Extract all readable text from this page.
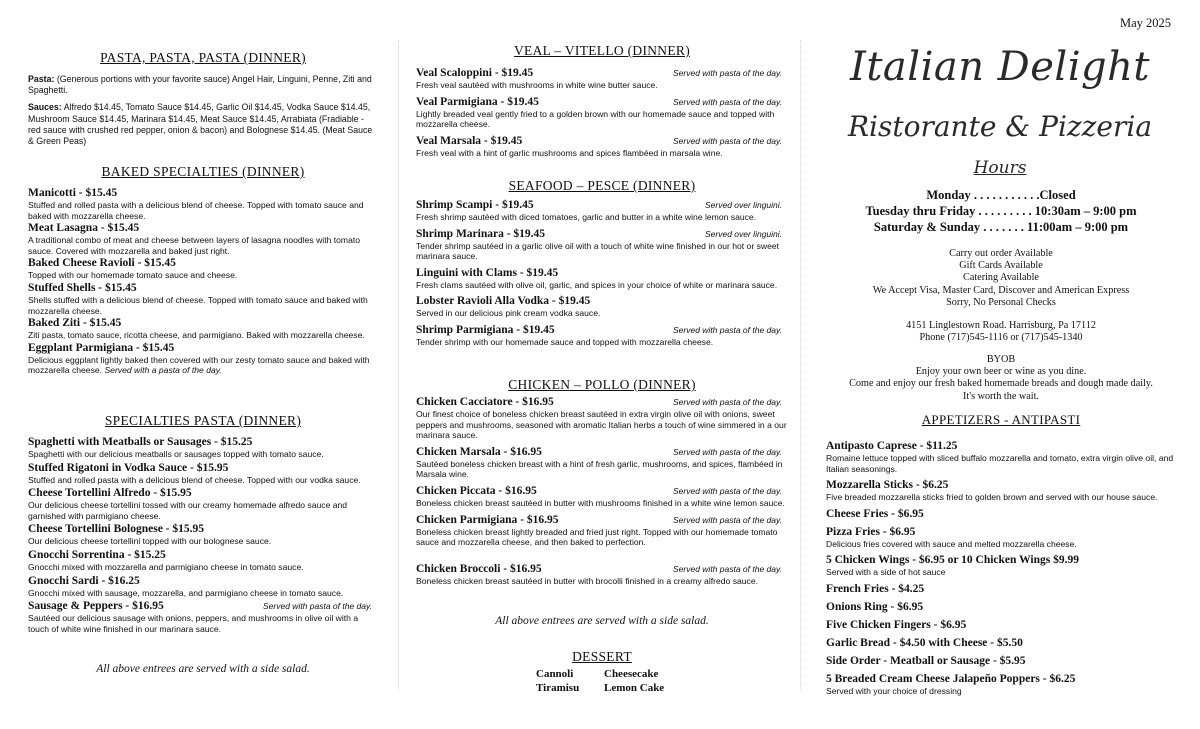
May 2025
PASTA, PASTA, PASTA (DINNER)
Pasta: (Generous portions with your favorite sauce) Angel Hair, Linguini, Penne, Ziti and Spaghetti.
Sauces: Alfredo $14.45, Tomato Sauce $14.45, Garlic Oil $14.45, Vodka Sauce $14.45, Mushroom Sauce $14.45, Marinara $14.45, Meat Sauce $14.45, Arrabiata (Fradiable - red sauce with crushed red pepper, onion & bacon) and Bolognese $14.45. (Meat Sauce & Green Peas)
BAKED SPECIALTIES (DINNER)
Manicotti - $15.45
Stuffed and rolled pasta with a delicious blend of cheese. Topped with tomato sauce and baked with mozzarella cheese.
Meat Lasagna - $15.45
A traditional combo of meat and cheese between layers of lasagna noodles with tomato sauce. Covered with mozzarella and baked just right.
Baked Cheese Ravioli - $15.45
Topped with our homemade tomato sauce and cheese.
Stuffed Shells - $15.45
Shells stuffed with a delicious blend of cheese. Topped with tomato sauce and baked with mozzarella cheese.
Baked Ziti - $15.45
Ziti pasta, tomato sauce, ricotta cheese, and parmigiano. Baked with mozzarella cheese.
Eggplant Parmigiana - $15.45
Delicious eggplant lightly baked then covered with our zesty tomato sauce and baked with mozzarella cheese. Served with a pasta of the day.
SPECIALTIES PASTA (DINNER)
Spaghetti with Meatballs or Sausages - $15.25
Spaghetti with our delicious meatballs or sausages topped with tomato sauce.
Stuffed Rigatoni in Vodka Sauce - $15.95
Stuffed and rolled pasta with a delicious blend of cheese. Topped with our vodka sauce.
Cheese Tortellini Alfredo - $15.95
Our delicious cheese tortellini tossed with our creamy homemade alfredo sauce and garnished with parmigiano cheese.
Cheese Tortellini Bolognese - $15.95
Our delicious cheese tortellini topped with our bolognese sauce.
Gnocchi Sorrentina - $15.25
Gnocchi mixed with mozzarella and parmigiano cheese in tomato sauce.
Gnocchi Sardi - $16.25
Gnocchi mixed with sausage, mozzarella, and parmigiano cheese in tomato sauce.
Sausage & Peppers - $16.95	Served with pasta of the day.
Sautéed our delicious sausage with onions, peppers, and mushrooms in olive oil with a touch of white wine finished in our marinara sauce.
All above entrees are served with a side salad.
VEAL – VITELLO (DINNER)
Veal Scaloppini - $19.45	Served with pasta of the day.
Fresh veal sautéed with mushrooms in white wine butter sauce.
Veal Parmigiana - $19.45	Served with pasta of the day.
Lightly breaded veal gently fried to a golden brown with our homemade sauce and topped with mozzarella cheese.
Veal Marsala - $19.45	Served with pasta of the day.
Fresh veal with a hint of garlic mushrooms and spices flambéed in marsala wine.
SEAFOOD – PESCE (DINNER)
Shrimp Scampi - $19.45	Served over linguini.
Fresh shrimp sautéed with diced tomatoes, garlic and butter in a white wine lemon sauce.
Shrimp Marinara - $19.45	Served over linguini.
Tender shrimp sautéed in a garlic olive oil with a touch of white wine finished in our hot or sweet marinara sauce.
Linguini with Clams - $19.45
Fresh clams sautéed with olive oil, garlic, and spices in your choice of white or marinara sauce.
Lobster Ravioli Alla Vodka - $19.45
Served in our delicious pink cream vodka sauce.
Shrimp Parmigiana - $19.45	Served with pasta of the day.
Tender shrimp with our homemade sauce and topped with mozzarella cheese.
CHICKEN – POLLO (DINNER)
Chicken Cacciatore - $16.95	Served with pasta of the day.
Our finest choice of boneless chicken breast sautéed in extra virgin olive oil with onions, sweet peppers and mushrooms, seasoned with aromatic Italian herbs a touch of wine simmered in a our marinara sauce.
Chicken Marsala - $16.95	Served with pasta of the day.
Sautéed boneless chicken breast with a hint of fresh garlic, mushrooms, and spices, flambéed in Marsala wine.
Chicken Piccata - $16.95	Served with pasta of the day.
Boneless chicken breast sautéed in butter with mushrooms finished in a white wine lemon sauce.
Chicken Parmigiana - $16.95	Served with pasta of the day.
Boneless chicken breast lightly breaded and fried just right. Topped with our homemade tomato sauce and mozzarella cheese, and then baked to perfection.
Chicken Broccoli - $16.95	Served with pasta of the day.
Boneless chicken breast sautéed in butter with brocolli finished in a creamy alfredo sauce.
All above entrees are served with a side salad.
DESSERT
Cannoli
Tiramisu
Cheesecake
Lemon Cake
Italian Delight
Ristorante & Pizzeria
Hours
Monday . . . . . . . . . . .Closed
Tuesday thru Friday . . . . . . . . . 10:30am – 9:00 pm
Saturday & Sunday . . . . . . . 11:00am – 9:00 pm
Carry out order Available
Gift Cards Available
Catering Available
We Accept Visa, Master Card, Discover and American Express
Sorry, No Personal Checks
4151 Linglestown Road. Harrisburg, Pa 17112
Phone (717)545-1116 or (717)545-1340
BYOB
Enjoy your own beer or wine as you dine.
Come and enjoy our fresh baked homemade breads and dough made daily.
It's worth the wait.
APPETIZERS - ANTIPASTI
Antipasto Caprese - $11.25
Romaine lettuce topped with sliced buffalo mozzarella and tomato, extra virgin olive oil, and Italian seasonings.
Mozzarella Sticks - $6.25
Five breaded mozzarella sticks fried to golden brown and served with our house sauce.
Cheese Fries - $6.95
Pizza Fries - $6.95
Delicious fries covered with sauce and melted mozzarella cheese.
5 Chicken Wings - $6.95 or 10 Chicken Wings $9.99
Served with a side of hot sauce
French Fries - $4.25
Onions Ring - $6.95
Five Chicken Fingers - $6.95
Garlic Bread - $4.50 with Cheese - $5.50
Side Order - Meatball or Sausage - $5.95
5 Breaded Cream Cheese Jalapeño Poppers - $6.25
Served with your choice of dressing
